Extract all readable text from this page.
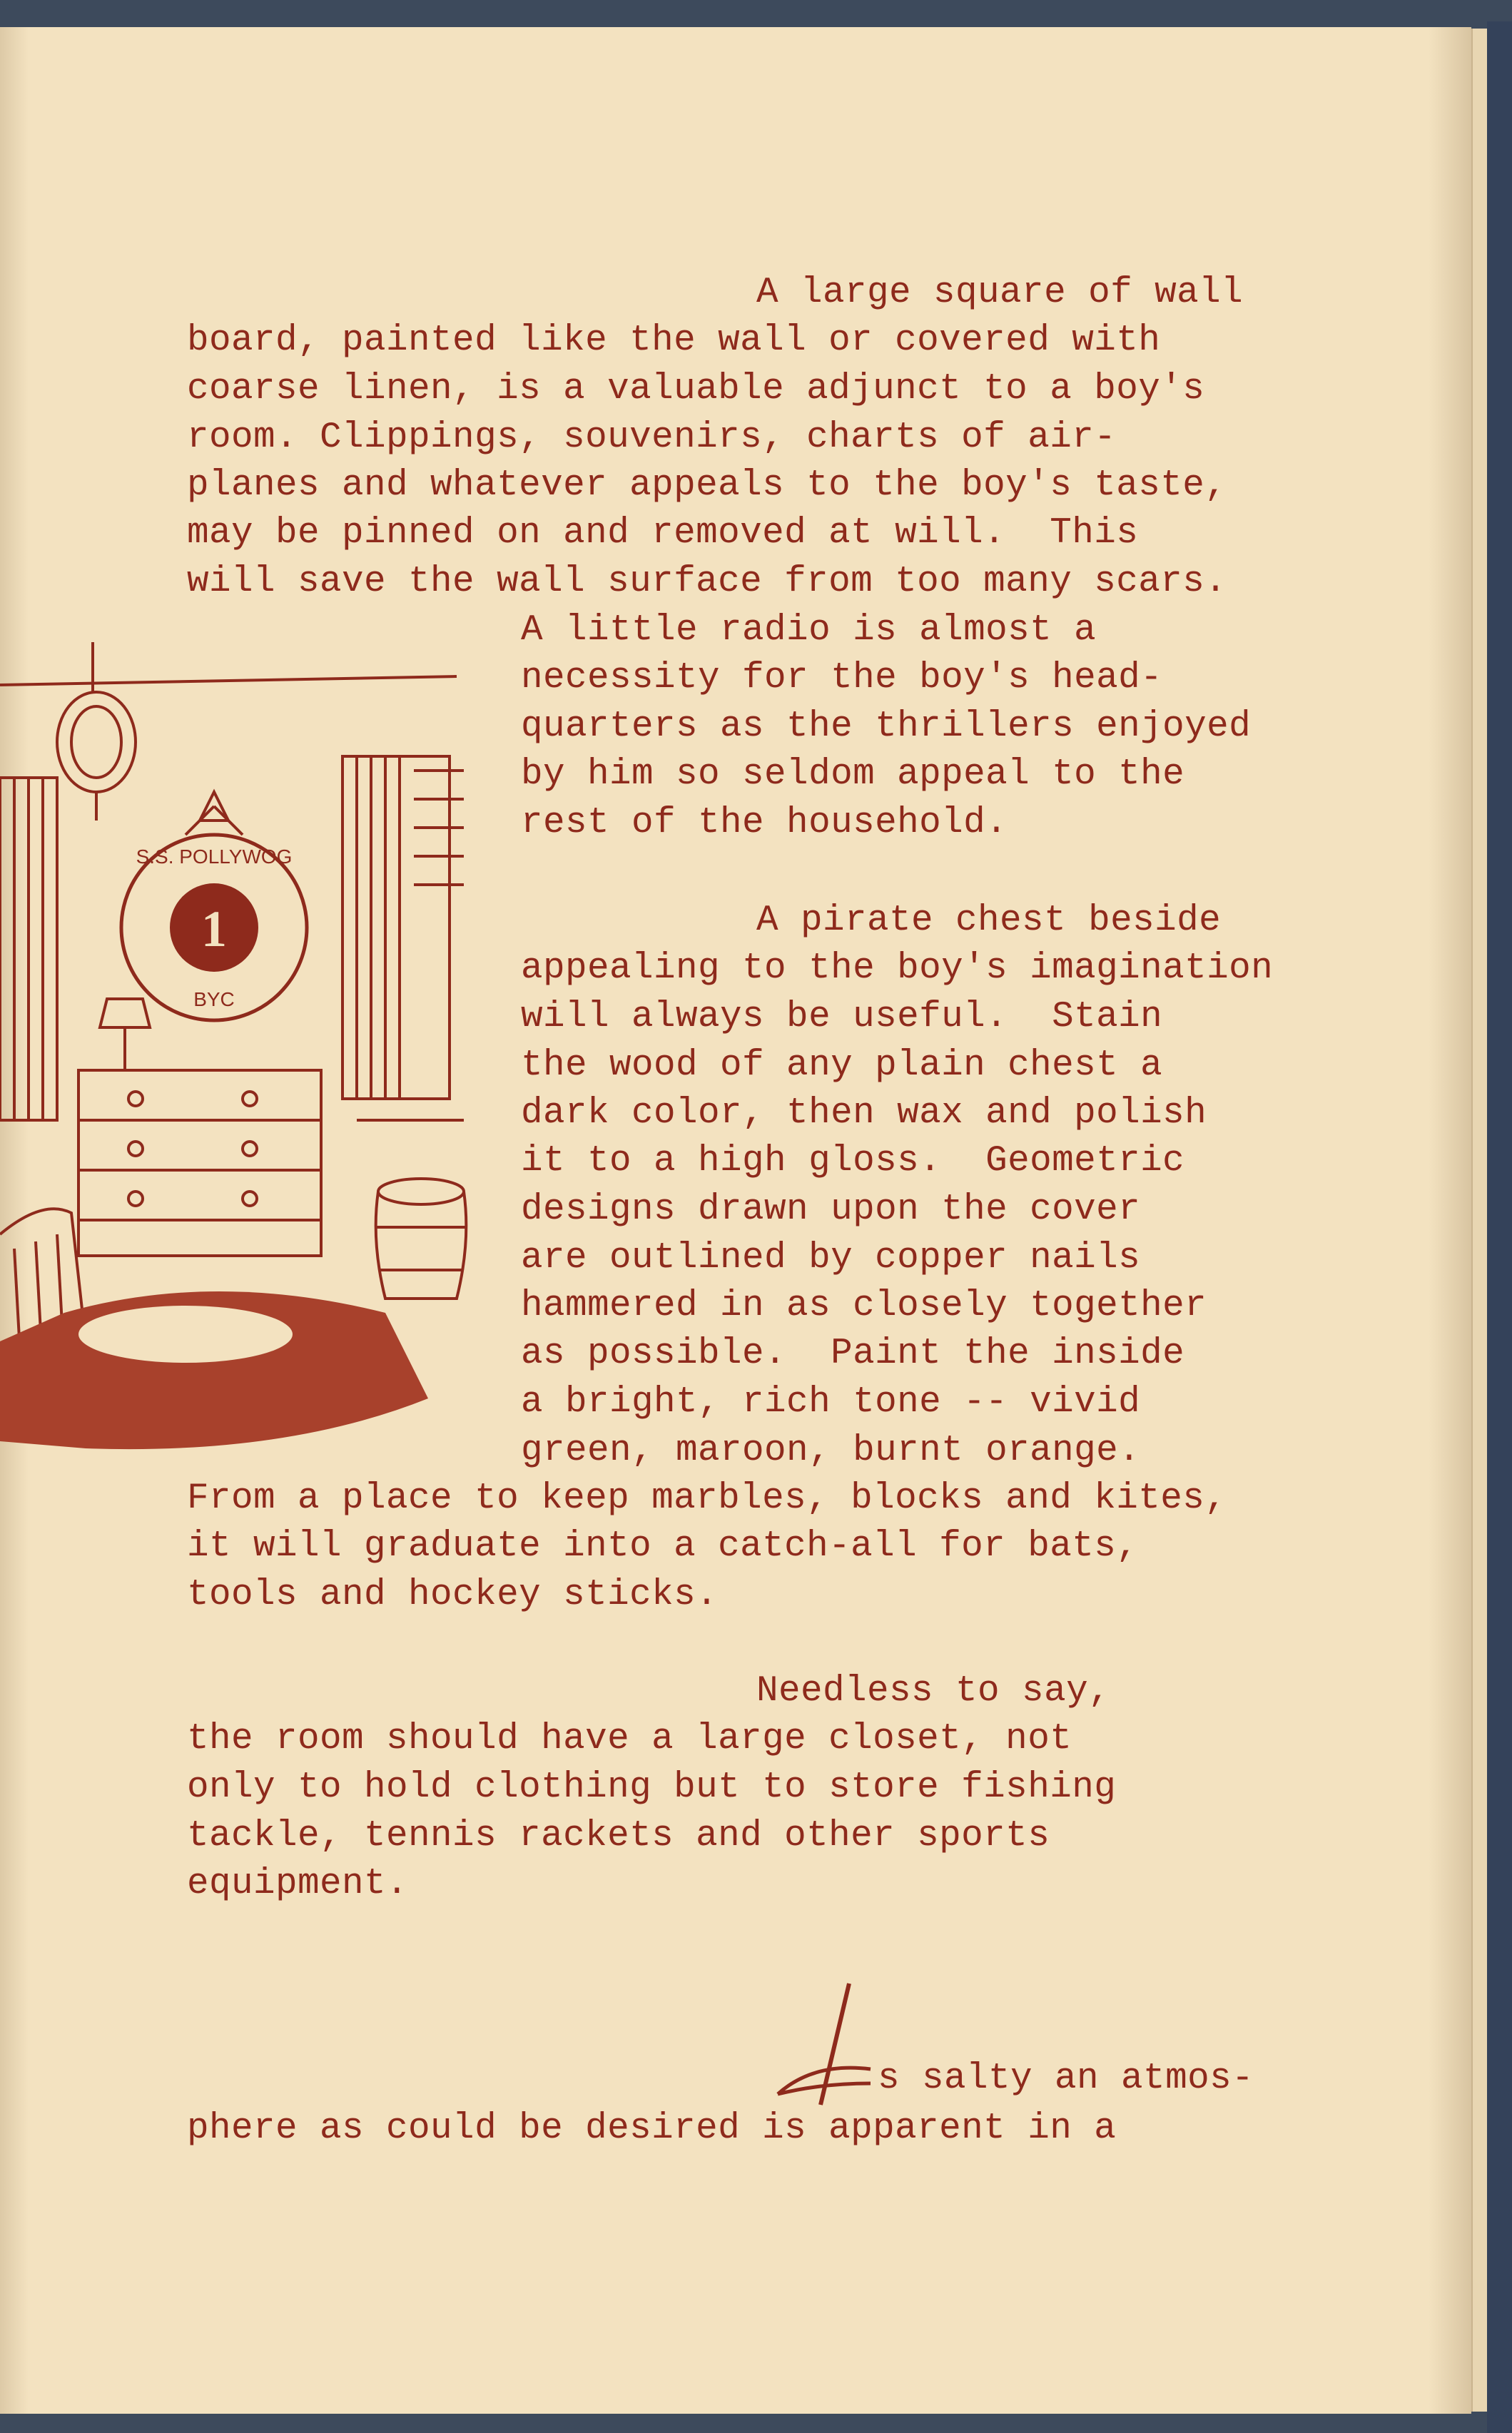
1
S.S. POLLYWOG
BYC
A large square of wall
board, painted like the wall or covered with
coarse linen, is a valuable adjunct to a boy's
room. Clippings, souvenirs, charts of air-
planes and whatever appeals to the boy's taste,
may be pinned on and removed at will.  This
will save the wall surface from too many scars.
A little radio is almost a
necessity for the boy's head-
quarters as the thrillers enjoyed
by him so seldom appeal to the
rest of the household.
A pirate chest beside
appealing to the boy's imagination
will always be useful.  Stain
the wood of any plain chest a
dark color, then wax and polish
it to a high gloss.  Geometric
designs drawn upon the cover
are outlined by copper nails
hammered in as closely together
as possible.  Paint the inside
a bright, rich tone -- vivid
green, maroon, burnt orange.
From a place to keep marbles, blocks and kites,
it will graduate into a catch-all for bats,
tools and hockey sticks.
Needless to say,
the room should have a large closet, not
only to hold clothing but to store fishing
tackle, tennis rackets and other sports
equipment.
s salty an atmos-
phere as could be desired is apparent in a
